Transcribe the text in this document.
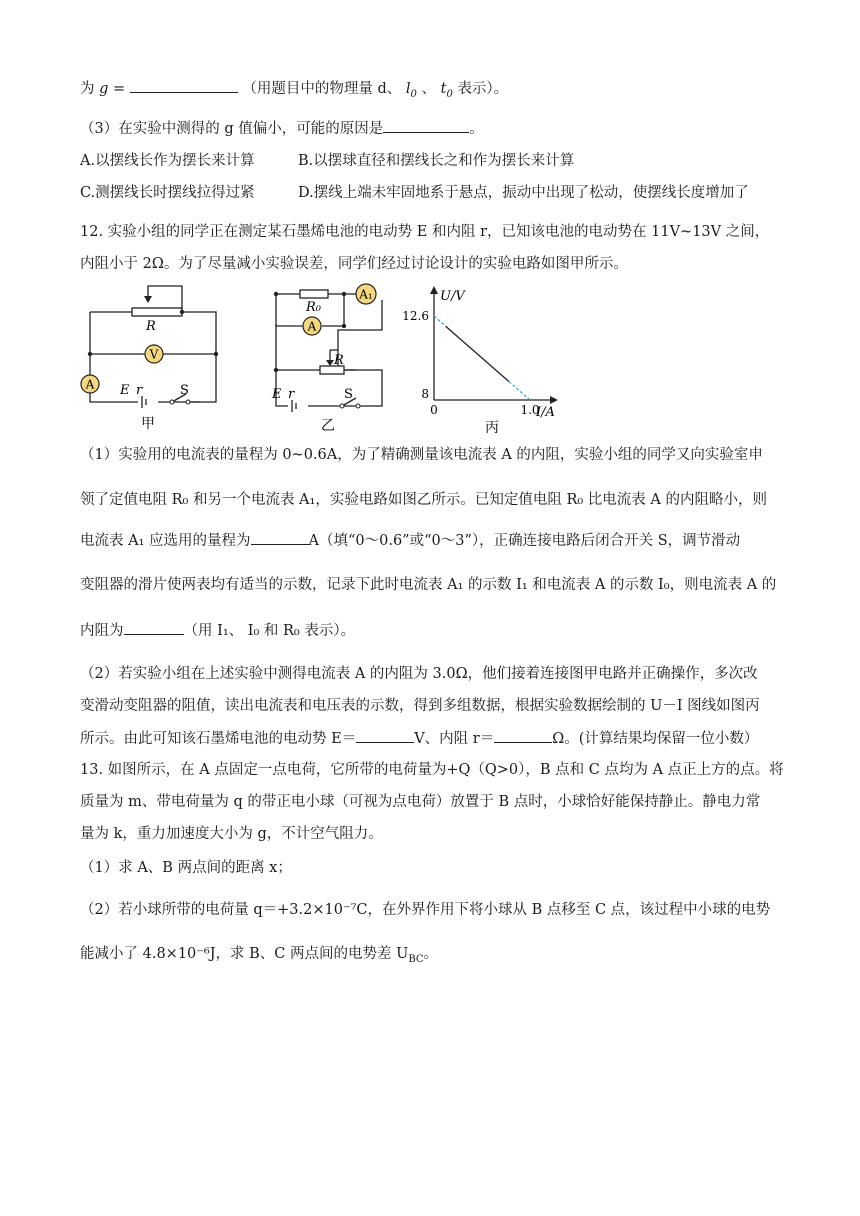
为 g =	（用题目中的物理量 d、 $l_0$ 、 $t_0$ 表示）。
（3）在实验中测得的 g 值偏小，可能的原因是	。
A.以摆线长作为摆长来计算	B.以摆球直径和摆线长之和作为摆长来计算
C.测摆线长时摆线拉得过紧	D.摆线上端未牢固地系于悬点，振动中出现了松动，使摆线长度增加了
12. 实验小组的同学正在测定某石墨烯电池的电动势 E 和内阻 r，已知该电池的电动势在 11V~13V 之间，
内阻小于 2Ω。为了尽量减小实验误差，同学们经过讨论设计的实验电路如图甲所示。
V
A
R
E r	S
甲
A₁
A
R₀
R
E r	S
乙
U/V
I/A
12.6
8
0	1.0
丙
（1）实验用的电流表的量程为 0~0.6A，为了精确测量该电流表 A 的内阻，实验小组的同学又向实验室申
领了定值电阻 R₀ 和另一个电流表 A₁，实验电路如图乙所示。已知定值电阻 R₀ 比电流表 A 的内阻略小，则
电流表 A₁ 应选用的量程为	A（填“0～0.6”或“0～3”），正确连接电路后闭合开关 S，调节滑动
变阻器的滑片使两表均有适当的示数，记录下此时电流表 A₁ 的示数 I₁ 和电流表 A 的示数 I₀，则电流表 A 的
内阻为	（用 I₁、 I₀ 和 R₀ 表示）。
（2）若实验小组在上述实验中测得电流表 A 的内阻为 3.0Ω，他们接着连接图甲电路并正确操作，多次改
变滑动变阻器的阻值，读出电流表和电压表的示数，得到多组数据，根据实验数据绘制的 U－I 图线如图丙
所示。由此可知该石墨烯电池的电动势 E＝	V、内阻 r＝	Ω。(计算结果均保留一位小数）
13. 如图所示，在 A 点固定一点电荷，它所带的电荷量为+Q（Q>0），B 点和 C 点均为 A 点正上方的点。将
质量为 m、带电荷量为 q 的带正电小球（可视为点电荷）放置于 B 点时，小球恰好能保持静止。静电力常
量为 k，重力加速度大小为 g，不计空气阻力。
（1）求 A、B 两点间的距离 x；
（2）若小球所带的电荷量 q＝+3.2×10⁻⁷C，在外界作用下将小球从 B 点移至 C 点，该过程中小球的电势
能减小了 4.8×10⁻⁶J，求 B、C 两点间的电势差 $U_{BC}$。
